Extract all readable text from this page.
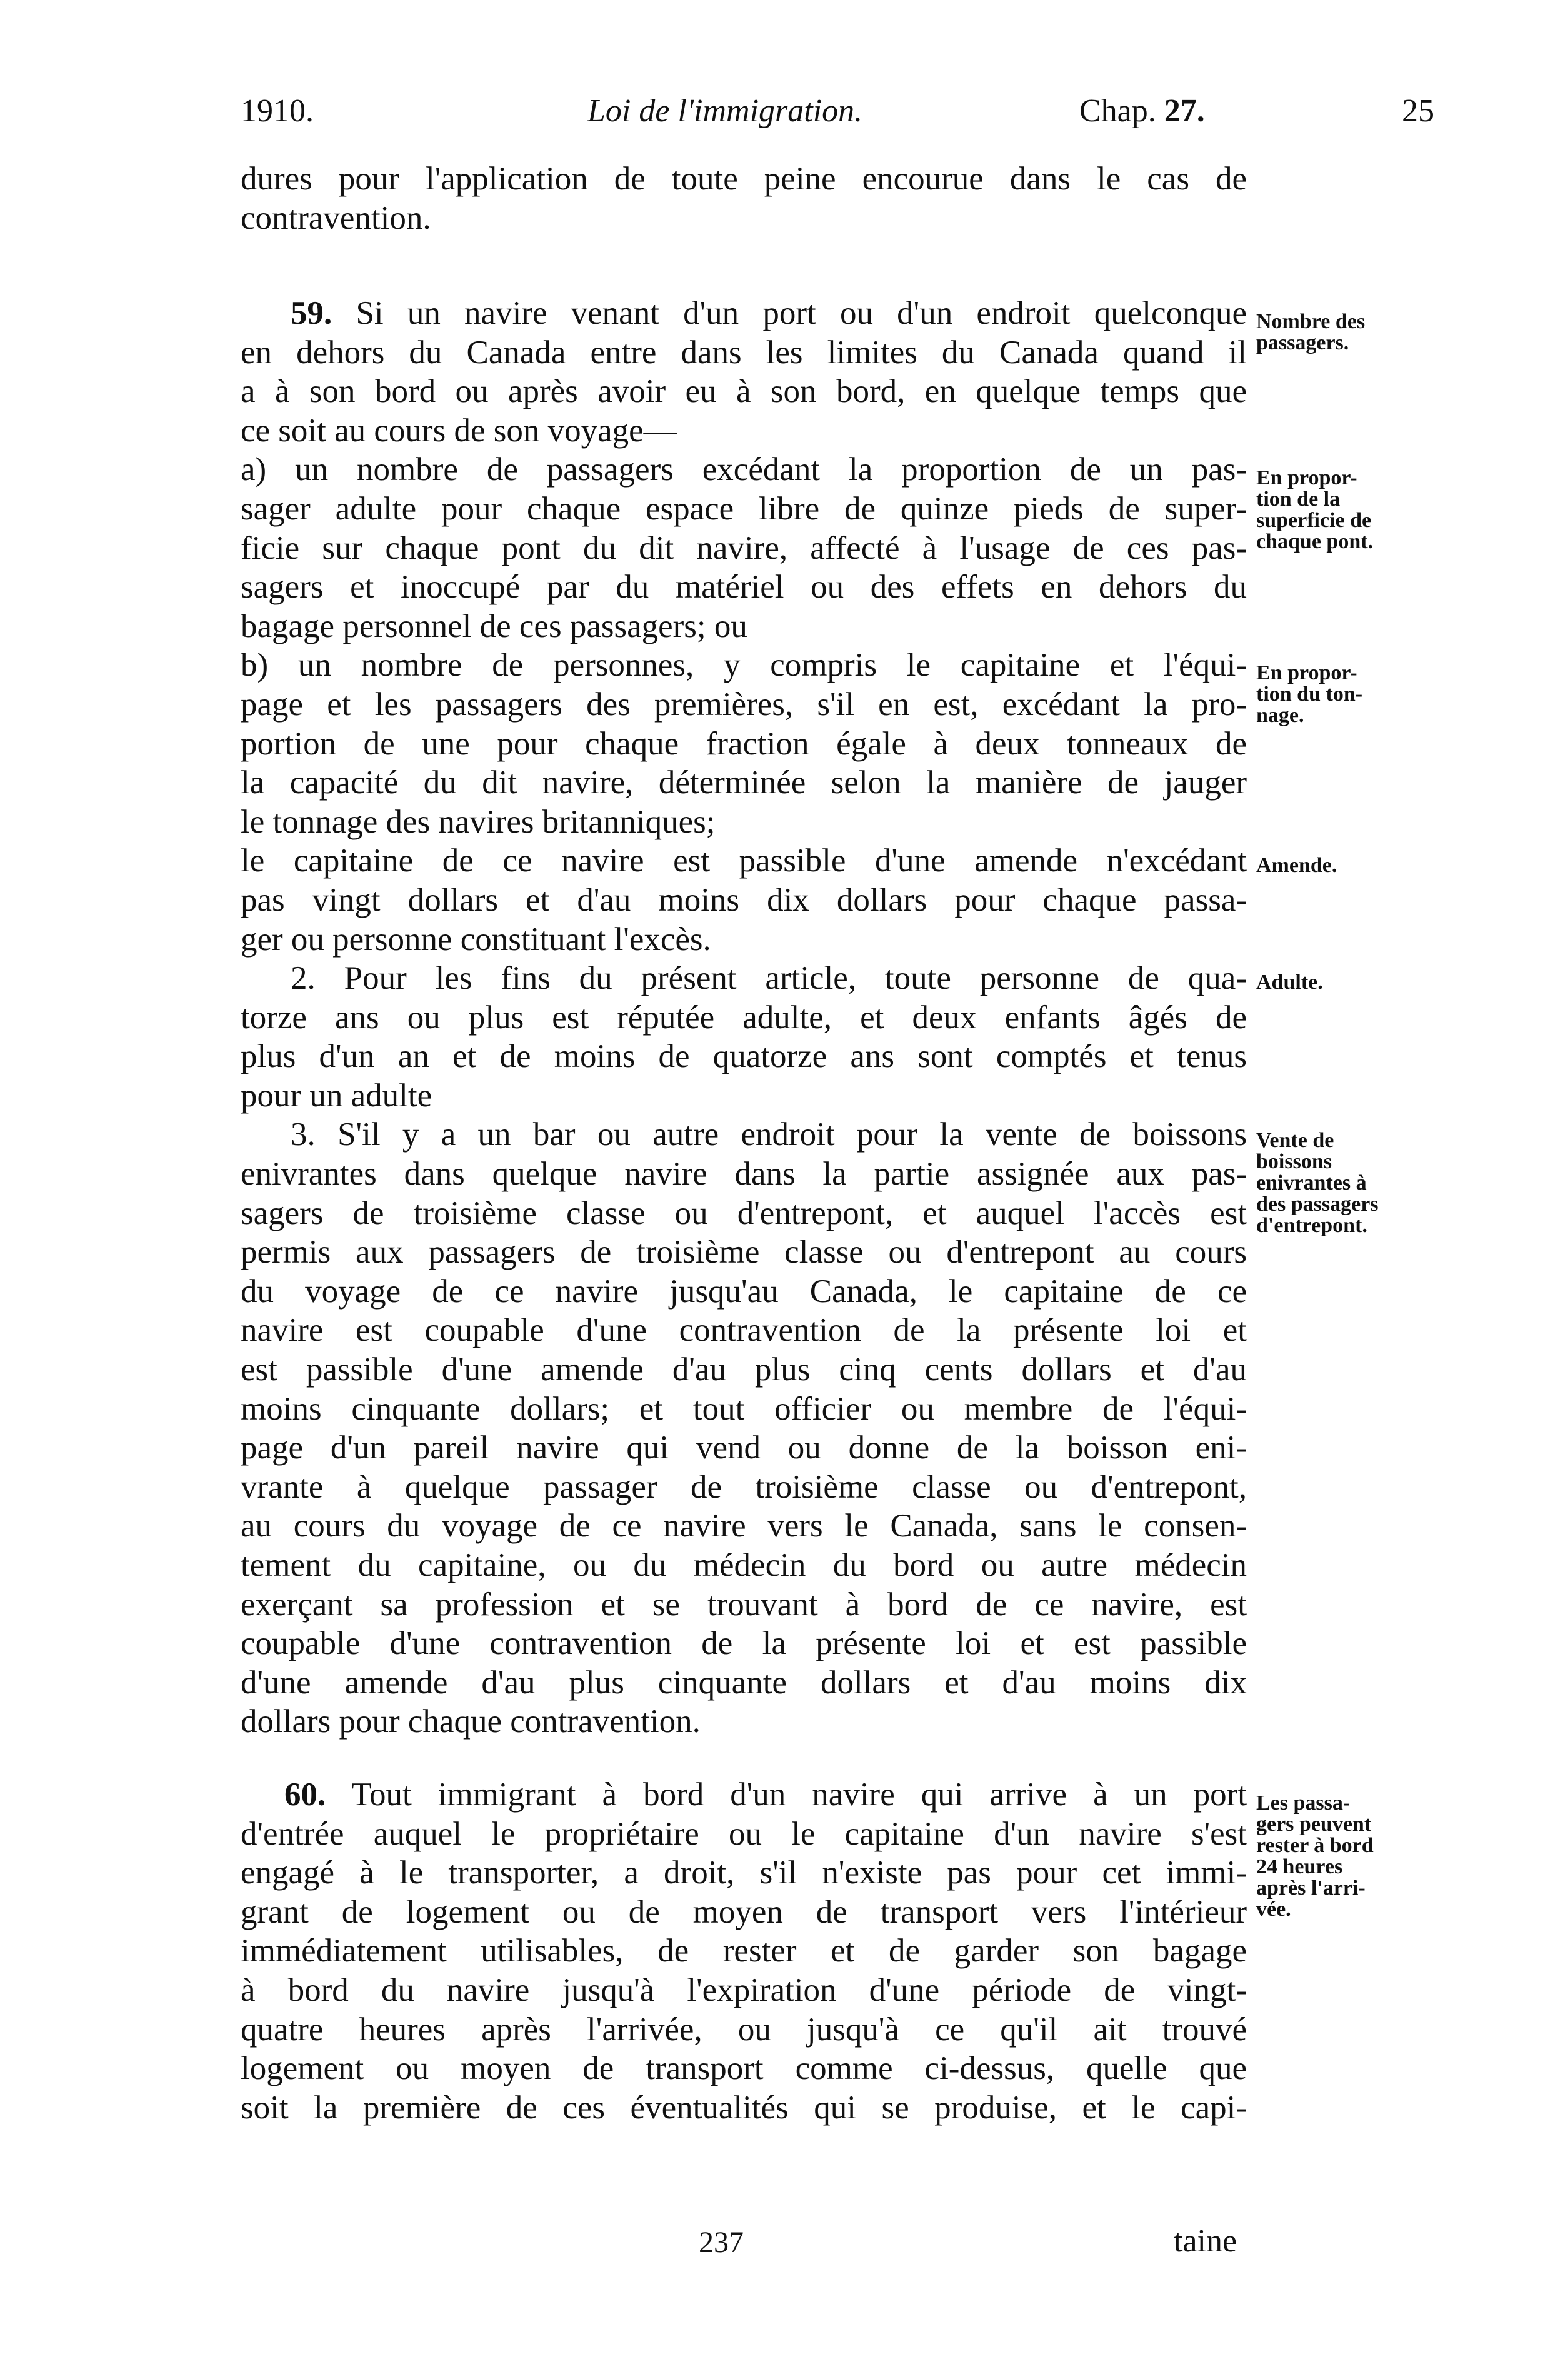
1910.	Loi de l'immigration.	Chap. 27.	25
dures pour l'application de toute peine encourue dans le cas de
contravention.
59. Si un navire venant d'un port ou d'un endroit quelconque
en dehors du Canada entre dans les limites du Canada quand il
a à son bord ou après avoir eu à son bord, en quelque temps que
ce soit au cours de son voyage—
a) un nombre de passagers excédant la proportion de un pas-
sager adulte pour chaque espace libre de quinze pieds de super-
ficie sur chaque pont du dit navire, affecté à l'usage de ces pas-
sagers et inoccupé par du matériel ou des effets en dehors du
bagage personnel de ces passagers; ou
b) un nombre de personnes, y compris le capitaine et l'équi-
page et les passagers des premières, s'il en est, excédant la pro-
portion de une pour chaque fraction égale à deux tonneaux de
la capacité du dit navire, déterminée selon la manière de jauger
le tonnage des navires britanniques;
le capitaine de ce navire est passible d'une amende n'excédant
pas vingt dollars et d'au moins dix dollars pour chaque passa-
ger ou personne constituant l'excès.
2. Pour les fins du présent article, toute personne de qua-
torze ans ou plus est réputée adulte, et deux enfants âgés de
plus d'un an et de moins de quatorze ans sont comptés et tenus
pour un adulte
3. S'il y a un bar ou autre endroit pour la vente de boissons
enivrantes dans quelque navire dans la partie assignée aux pas-
sagers de troisième classe ou d'entrepont, et auquel l'accès est
permis aux passagers de troisième classe ou d'entrepont au cours
du voyage de ce navire jusqu'au Canada, le capitaine de ce
navire est coupable d'une contravention de la présente loi et
est passible d'une amende d'au plus cinq cents dollars et d'au
moins cinquante dollars; et tout officier ou membre de l'équi-
page d'un pareil navire qui vend ou donne de la boisson eni-
vrante à quelque passager de troisième classe ou d'entrepont,
au cours du voyage de ce navire vers le Canada, sans le consen-
tement du capitaine, ou du médecin du bord ou autre médecin
exerçant sa profession et se trouvant à bord de ce navire, est
coupable d'une contravention de la présente loi et est passible
d'une amende d'au plus cinquante dollars et d'au moins dix
dollars pour chaque contravention.
60. Tout immigrant à bord d'un navire qui arrive à un port
d'entrée auquel le propriétaire ou le capitaine d'un navire s'est
engagé à le transporter, a droit, s'il n'existe pas pour cet immi-
grant de logement ou de moyen de transport vers l'intérieur
immédiatement utilisables, de rester et de garder son bagage
à bord du navire jusqu'à l'expiration d'une période de vingt-
quatre heures après l'arrivée, ou jusqu'à ce qu'il ait trouvé
logement ou moyen de transport comme ci-dessus, quelle que
soit la première de ces éventualités qui se produise, et le capi-
Nombre des
passagers.
En propor-
tion de la
superficie de
chaque pont.
En propor-
tion du ton-
nage.
Amende.
Adulte.
Vente de
boissons
enivrantes à
des passagers
d'entrepont.
Les passa-
gers peuvent
rester à bord
24 heures
après l'arri-
vée.
237	taine
